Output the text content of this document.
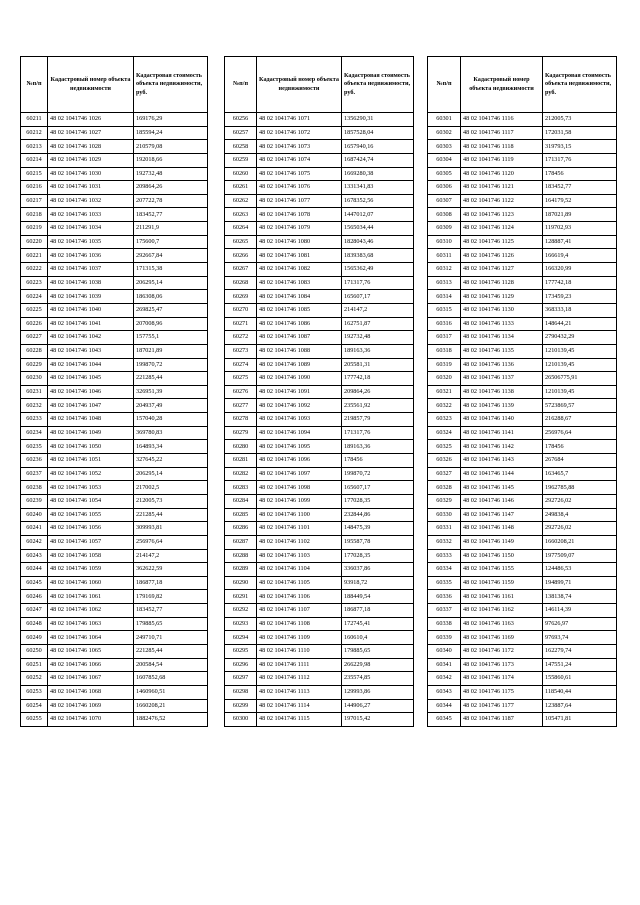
№п/п	Кадастровый номер объекта недвижимости	Кадастровая стоимость объекта недвижимости, руб.
60211	48 02 1041746 1026	169176,29
60212	48 02 1041746 1027	185594,24
60213	48 02 1041746 1028	210579,08
60214	48 02 1041746 1029	192018,66
60215	48 02 1041746 1030	192732,48
60216	48 02 1041746 1031	209864,26
60217	48 02 1041746 1032	207722,78
60218	48 02 1041746 1033	183452,77
60219	48 02 1041746 1034	211291,9
60220	48 02 1041746 1035	175600,7
60221	48 02 1041746 1036	292667,84
60222	48 02 1041746 1037	171315,38
60223	48 02 1041746 1038	206295,14
60224	48 02 1041746 1039	186308,06
60225	48 02 1041746 1040	269825,47
60226	48 02 1041746 1041	207008,96
60227	48 02 1041746 1042	157755,1
60228	48 02 1041746 1043	187021,89
60229	48 02 1041746 1044	199870,72
60230	48 02 1041746 1045	221285,44
60231	48 02 1041746 1046	326951,39
60232	48 02 1041746 1047	204937,49
60233	48 02 1041746 1048	157040,28
60234	48 02 1041746 1049	369780,83
60235	48 02 1041746 1050	164893,34
60236	48 02 1041746 1051	327645,22
60237	48 02 1041746 1052	206295,14
60238	48 02 1041746 1053	217002,5
60239	48 02 1041746 1054	212005,73
60240	48 02 1041746 1055	221285,44
60241	48 02 1041746 1056	309993,81
60242	48 02 1041746 1057	256976,64
60243	48 02 1041746 1058	214147,2
60244	48 02 1041746 1059	362622,59
60245	48 02 1041746 1060	186877,18
60246	48 02 1041746 1061	179169,82
60247	48 02 1041746 1062	183452,77
60248	48 02 1041746 1063	179885,65
60249	48 02 1041746 1064	249710,71
60250	48 02 1041746 1065	221285,44
60251	48 02 1041746 1066	200584,54
60252	48 02 1041746 1067	1607852,68
60253	48 02 1041746 1068	1460960,51
60254	48 02 1041746 1069	1660208,21
60255	48 02 1041746 1070	1882476,52
№п/п	Кадастровый номер объекта недвижимости	Кадастровая стоимость объекта недвижимости, руб.
60256	48 02 1041746 1071	1356290,31
60257	48 02 1041746 1072	1857528,04
60258	48 02 1041746 1073	1657940,16
60259	48 02 1041746 1074	1687424,74
60260	48 02 1041746 1075	1669280,38
60261	48 02 1041746 1076	1331341,83
60262	48 02 1041746 1077	1678352,56
60263	48 02 1041746 1078	1447012,07
60264	48 02 1041746 1079	1565034,44
60265	48 02 1041746 1080	1828043,46
60266	48 02 1041746 1081	1839383,68
60267	48 02 1041746 1082	1565362,49
60268	48 02 1041746 1083	171317,76
60269	48 02 1041746 1084	165607,17
60270	48 02 1041746 1085	214147,2
60271	48 02 1041746 1086	162751,87
60272	48 02 1041746 1087	192732,48
60273	48 02 1041746 1088	189163,36
60274	48 02 1041746 1089	205581,31
60275	48 02 1041746 1090	177742,18
60276	48 02 1041746 1091	209864,26
60277	48 02 1041746 1092	235561,92
60278	48 02 1041746 1093	219857,79
60279	48 02 1041746 1094	171317,76
60280	48 02 1041746 1095	189163,36
60281	48 02 1041746 1096	178456
60282	48 02 1041746 1097	199870,72
60283	48 02 1041746 1098	165607,17
60284	48 02 1041746 1099	177028,35
60285	48 02 1041746 1100	232844,86
60286	48 02 1041746 1101	148475,39
60287	48 02 1041746 1102	195587,78
60288	48 02 1041746 1103	177028,35
60289	48 02 1041746 1104	336037,86
60290	48 02 1041746 1105	93918,72
60291	48 02 1041746 1106	188449,54
60292	48 02 1041746 1107	186877,18
60293	48 02 1041746 1108	172745,41
60294	48 02 1041746 1109	160610,4
60295	48 02 1041746 1110	179885,65
60296	48 02 1041746 1111	266229,98
60297	48 02 1041746 1112	235574,85
60298	48 02 1041746 1113	129993,86
60299	48 02 1041746 1114	144906,27
60300	48 02 1041746 1115	197015,42
№п/п	Кадастровый номер объекта недвижимости	Кадастровая стоимость объекта недвижимости, руб.
60301	48 02 1041746 1116	212005,73
60302	48 02 1041746 1117	172031,58
60303	48 02 1041746 1118	319793,15
60304	48 02 1041746 1119	171317,76
60305	48 02 1041746 1120	178456
60306	48 02 1041746 1121	183452,77
60307	48 02 1041746 1122	164179,52
60308	48 02 1041746 1123	187021,89
60309	48 02 1041746 1124	119702,93
60310	48 02 1041746 1125	128887,41
60311	48 02 1041746 1126	166619,4
60312	48 02 1041746 1127	166320,99
60313	48 02 1041746 1128	177742,18
60314	48 02 1041746 1129	173459,23
60315	48 02 1041746 1130	368333,18
60316	48 02 1041746 1133	148644,21
60317	48 02 1041746 1134	2790432,29
60318	48 02 1041746 1135	1210139,45
60319	48 02 1041746 1136	1210139,45
60320	48 02 1041746 1137	26506775,91
60321	48 02 1041746 1138	1210139,45
60322	48 02 1041746 1139	5723869,57
60323	48 02 1041746 1140	216288,67
60324	48 02 1041746 1141	256976,64
60325	48 02 1041746 1142	178456
60326	48 02 1041746 1143	267684
60327	48 02 1041746 1144	163465,7
60328	48 02 1041746 1145	1962785,88
60329	48 02 1041746 1146	292726,02
60330	48 02 1041746 1147	249838,4
60331	48 02 1041746 1148	292726,02
60332	48 02 1041746 1149	1660208,21
60333	48 02 1041746 1150	1977509,07
60334	48 02 1041746 1155	124486,53
60335	48 02 1041746 1159	194899,71
60336	48 02 1041746 1161	138138,74
60337	48 02 1041746 1162	146114,39
60338	48 02 1041746 1163	97626,97
60339	48 02 1041746 1169	97693,74
60340	48 02 1041746 1172	162279,74
60341	48 02 1041746 1173	147551,24
60342	48 02 1041746 1174	155860,61
60343	48 02 1041746 1175	118540,44
60344	48 02 1041746 1177	123887,64
60345	48 02 1041746 1187	105471,81
